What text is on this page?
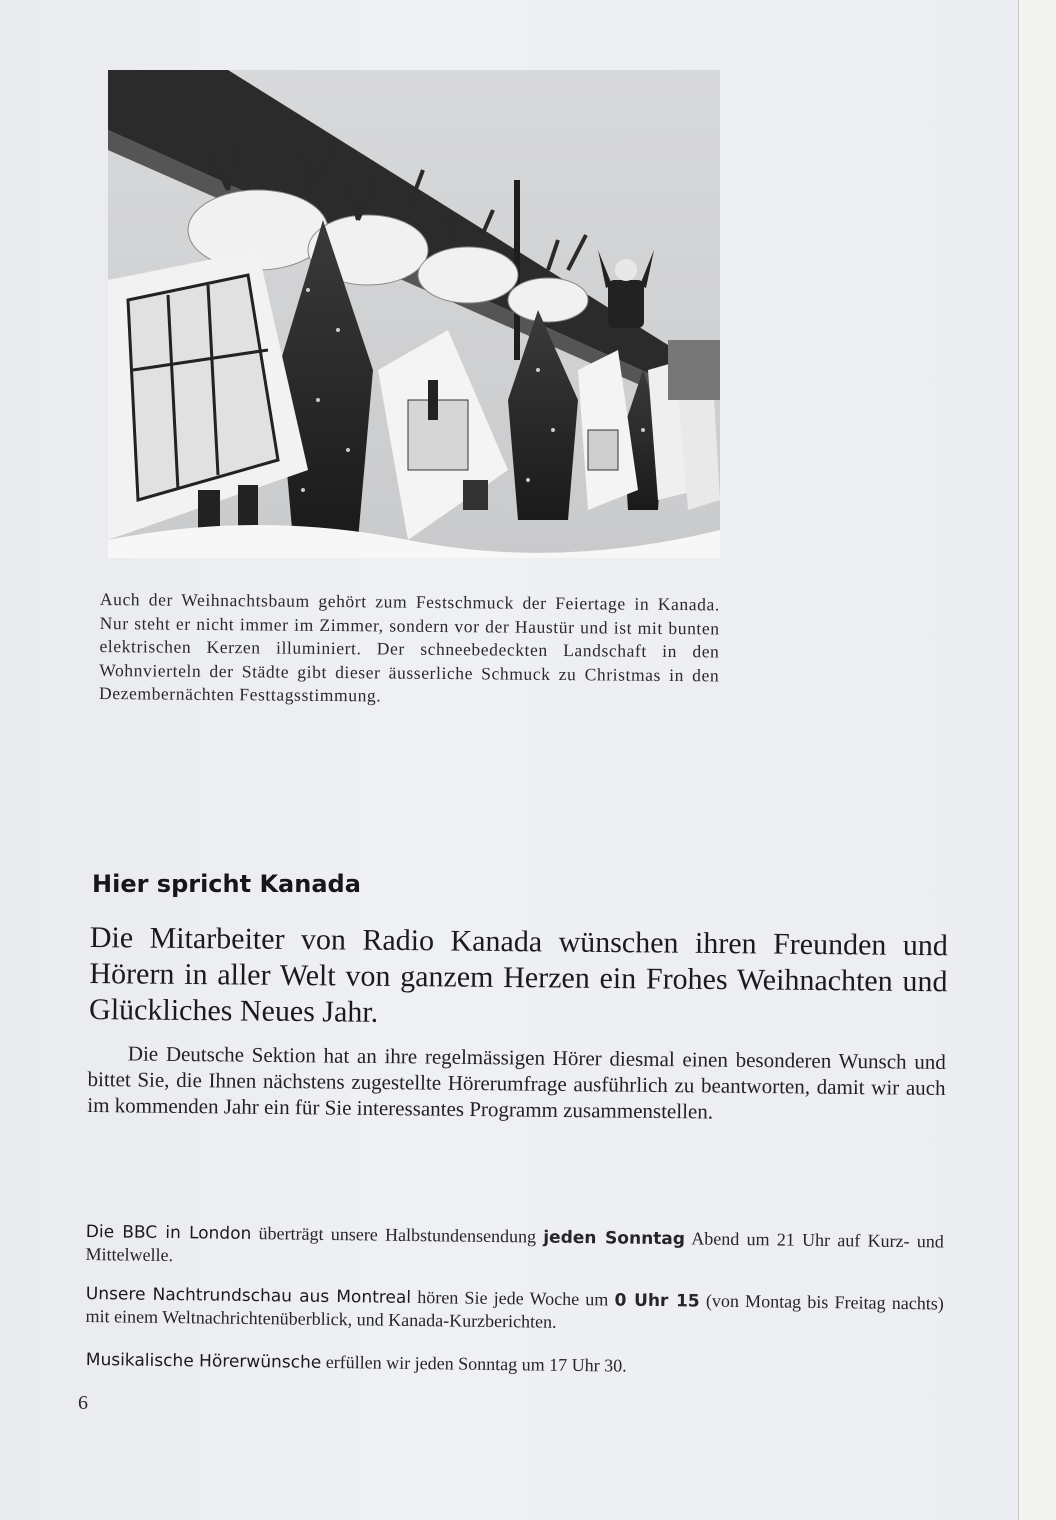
Auch der Weihnachtsbaum gehört zum Festschmuck der Feiertage in Kanada. Nur steht er nicht immer im Zimmer, sondern vor der Haustür und ist mit bunten elektrischen Kerzen illuminiert. Der schneebedeckten Landschaft in den Wohnvierteln der Städte gibt dieser äusserliche Schmuck zu Christmas in den Dezembernächten Festtagsstimmung.
Hier spricht Kanada
Die Mitarbeiter von Radio Kanada wünschen ihren Freunden und Hörern in aller Welt von ganzem Herzen ein Frohes Weihnachten und Glückliches Neues Jahr.
Die Deutsche Sektion hat an ihre regelmässigen Hörer diesmal einen besonderen Wunsch und bittet Sie, die Ihnen nächstens zugestellte Hörerumfrage ausführlich zu beantworten, damit wir auch im kommenden Jahr ein für Sie interessantes Programm zusammenstellen.
Die BBC in London überträgt unsere Halbstundensendung jeden Sonntag Abend um 21 Uhr auf Kurz- und Mittelwelle.
Unsere Nachtrundschau aus Montreal hören Sie jede Woche um 0 Uhr 15 (von Montag bis Freitag nachts) mit einem Weltnachrichtenüberblick, und Kanada-Kurzberichten.
Musikalische Hörerwünsche erfüllen wir jeden Sonntag um 17 Uhr 30.
6
